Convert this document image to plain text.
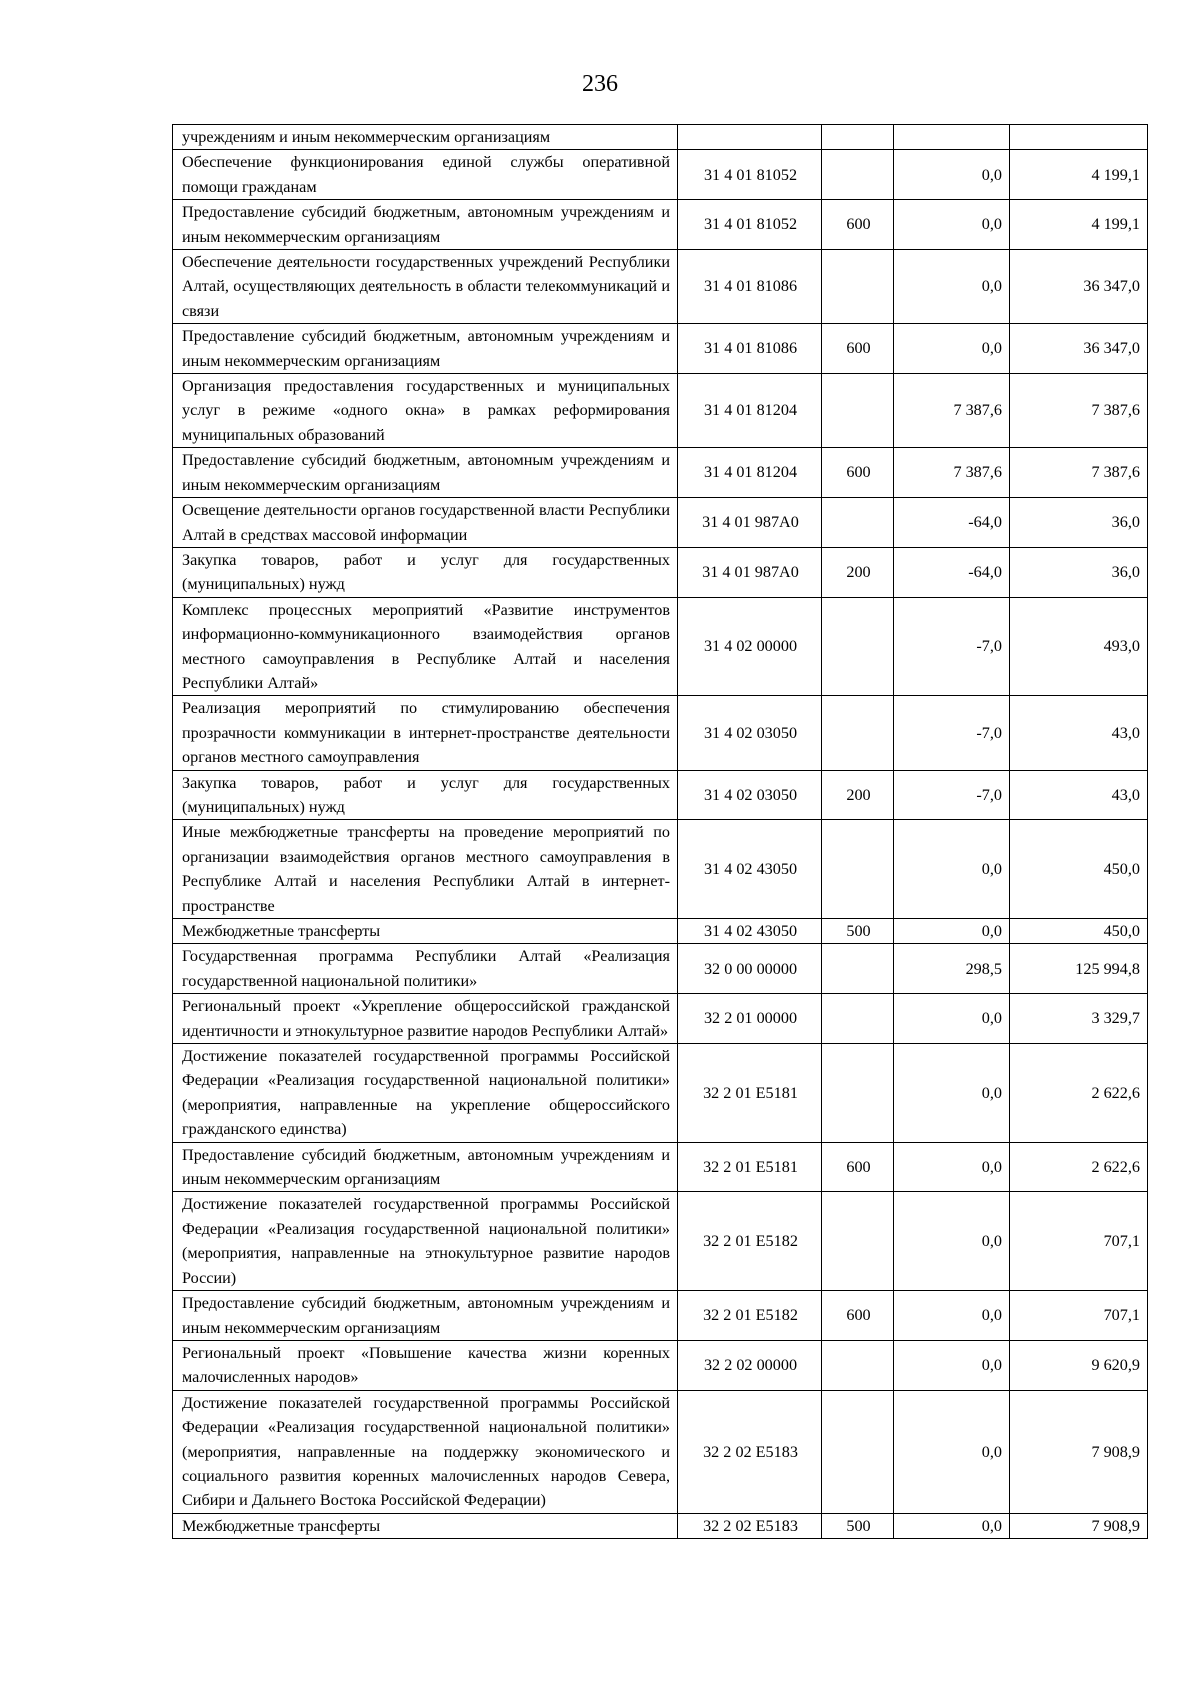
236
учреждениям и иным некоммерческим организациям				
Обеспечение функционирования единой службы оперативной помощи гражданам	31 4 01 81052		0,0	4 199,1
Предоставление субсидий бюджетным, автономным учреждениям и иным некоммерческим организациям	31 4 01 81052	600	0,0	4 199,1
Обеспечение деятельности государственных учреждений Республики Алтай, осуществляющих деятельность в области телекоммуникаций и связи	31 4 01 81086		0,0	36 347,0
Предоставление субсидий бюджетным, автономным учреждениям и иным некоммерческим организациям	31 4 01 81086	600	0,0	36 347,0
Организация предоставления государственных и муниципальных услуг в режиме «одного окна» в рамках реформирования муниципальных образований	31 4 01 81204		7 387,6	7 387,6
Предоставление субсидий бюджетным, автономным учреждениям и иным некоммерческим организациям	31 4 01 81204	600	7 387,6	7 387,6
Освещение деятельности органов государственной власти Республики Алтай в средствах массовой информации	31 4 01 987А0		-64,0	36,0
Закупка товаров, работ и услуг для государственных (муниципальных) нужд	31 4 01 987А0	200	-64,0	36,0
Комплекс процессных мероприятий «Развитие инструментов информационно-коммуникационного взаимодействия органов местного самоуправления в Республике Алтай и населения Республики Алтай»	31 4 02 00000		-7,0	493,0
Реализация мероприятий по стимулированию обеспечения прозрачности коммуникации в интернет-пространстве деятельности органов местного самоуправления	31 4 02 03050		-7,0	43,0
Закупка товаров, работ и услуг для государственных (муниципальных) нужд	31 4 02 03050	200	-7,0	43,0
Иные межбюджетные трансферты на проведение мероприятий по организации взаимодействия органов местного самоуправления в Республике Алтай и населения Республики Алтай в интернет-пространстве	31 4 02 43050		0,0	450,0
Межбюджетные трансферты	31 4 02 43050	500	0,0	450,0
Государственная программа Республики Алтай «Реализация государственной национальной политики»	32 0 00 00000		298,5	125 994,8
Региональный проект «Укрепление общероссийской гражданской идентичности и этнокультурное развитие народов Республики Алтай»	32 2 01 00000		0,0	3 329,7
Достижение показателей государственной программы Российской Федерации «Реализация государственной национальной политики» (мероприятия, направленные на укрепление общероссийского гражданского единства)	32 2 01 Е5181		0,0	2 622,6
Предоставление субсидий бюджетным, автономным учреждениям и иным некоммерческим организациям	32 2 01 Е5181	600	0,0	2 622,6
Достижение показателей государственной программы Российской Федерации «Реализация государственной национальной политики» (мероприятия, направленные на этнокультурное развитие народов России)	32 2 01 Е5182		0,0	707,1
Предоставление субсидий бюджетным, автономным учреждениям и иным некоммерческим организациям	32 2 01 Е5182	600	0,0	707,1
Региональный проект «Повышение качества жизни коренных малочисленных народов»	32 2 02 00000		0,0	9 620,9
Достижение показателей государственной программы Российской Федерации «Реализация государственной национальной политики» (мероприятия, направленные на поддержку экономического и социального развития коренных малочисленных народов Севера, Сибири и Дальнего Востока Российской Федерации)	32 2 02 Е5183		0,0	7 908,9
Межбюджетные трансферты	32 2 02 Е5183	500	0,0	7 908,9
